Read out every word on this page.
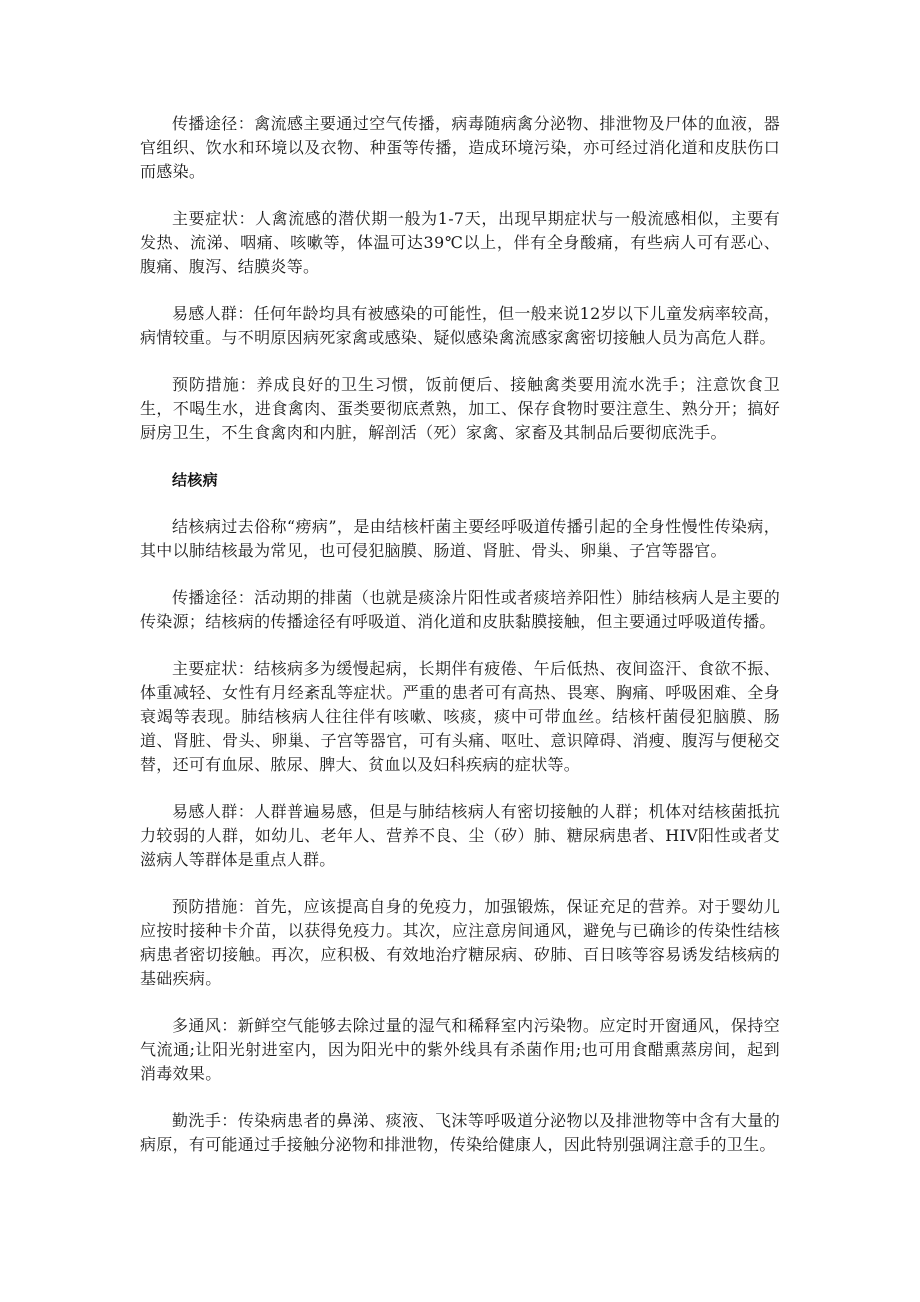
传播途径：禽流感主要通过空气传播，病毒随病禽分泌物、排泄物及尸体的血液，器官组织、饮水和环境以及衣物、种蛋等传播，造成环境污染，亦可经过消化道和皮肤伤口而感染。

主要症状：人禽流感的潜伏期一般为1-7天，出现早期症状与一般流感相似，主要有发热、流涕、咽痛、咳嗽等，体温可达39℃以上，伴有全身酸痛，有些病人可有恶心、腹痛、腹泻、结膜炎等。

易感人群：任何年龄均具有被感染的可能性，但一般来说12岁以下儿童发病率较高，病情较重。与不明原因病死家禽或感染、疑似感染禽流感家禽密切接触人员为高危人群。

预防措施：养成良好的卫生习惯，饭前便后、接触禽类要用流水洗手；注意饮食卫生，不喝生水，进食禽肉、蛋类要彻底煮熟，加工、保存食物时要注意生、熟分开；搞好厨房卫生，不生食禽肉和内脏，解剖活（死）家禽、家畜及其制品后要彻底洗手。

结核病

结核病过去俗称“痨病”，是由结核杆菌主要经呼吸道传播引起的全身性慢性传染病，其中以肺结核最为常见，也可侵犯脑膜、肠道、肾脏、骨头、卵巢、子宫等器官。

传播途径：活动期的排菌（也就是痰涂片阳性或者痰培养阳性）肺结核病人是主要的传染源；结核病的传播途径有呼吸道、消化道和皮肤黏膜接触，但主要通过呼吸道传播。

主要症状：结核病多为缓慢起病，长期伴有疲倦、午后低热、夜间盗汗、食欲不振、体重减轻、女性有月经紊乱等症状。严重的患者可有高热、畏寒、胸痛、呼吸困难、全身衰竭等表现。肺结核病人往往伴有咳嗽、咳痰，痰中可带血丝。结核杆菌侵犯脑膜、肠道、肾脏、骨头、卵巢、子宫等器官，可有头痛、呕吐、意识障碍、消瘦、腹泻与便秘交替，还可有血尿、脓尿、脾大、贫血以及妇科疾病的症状等。

易感人群：人群普遍易感，但是与肺结核病人有密切接触的人群；机体对结核菌抵抗力较弱的人群，如幼儿、老年人、营养不良、尘（矽）肺、糖尿病患者、HIV阳性或者艾滋病人等群体是重点人群。

预防措施：首先，应该提高自身的免疫力，加强锻炼，保证充足的营养。对于婴幼儿应按时接种卡介苗，以获得免疫力。其次，应注意房间通风，避免与已确诊的传染性结核病患者密切接触。再次，应积极、有效地治疗糖尿病、矽肺、百日咳等容易诱发结核病的基础疾病。

多通风：新鲜空气能够去除过量的湿气和稀释室内污染物。应定时开窗通风，保持空气流通;让阳光射进室内，因为阳光中的紫外线具有杀菌作用;也可用食醋熏蒸房间，起到消毒效果。

勤洗手：传染病患者的鼻涕、痰液、飞沫等呼吸道分泌物以及排泄物等中含有大量的病原，有可能通过手接触分泌物和排泄物，传染给健康人，因此特别强调注意手的卫生。
